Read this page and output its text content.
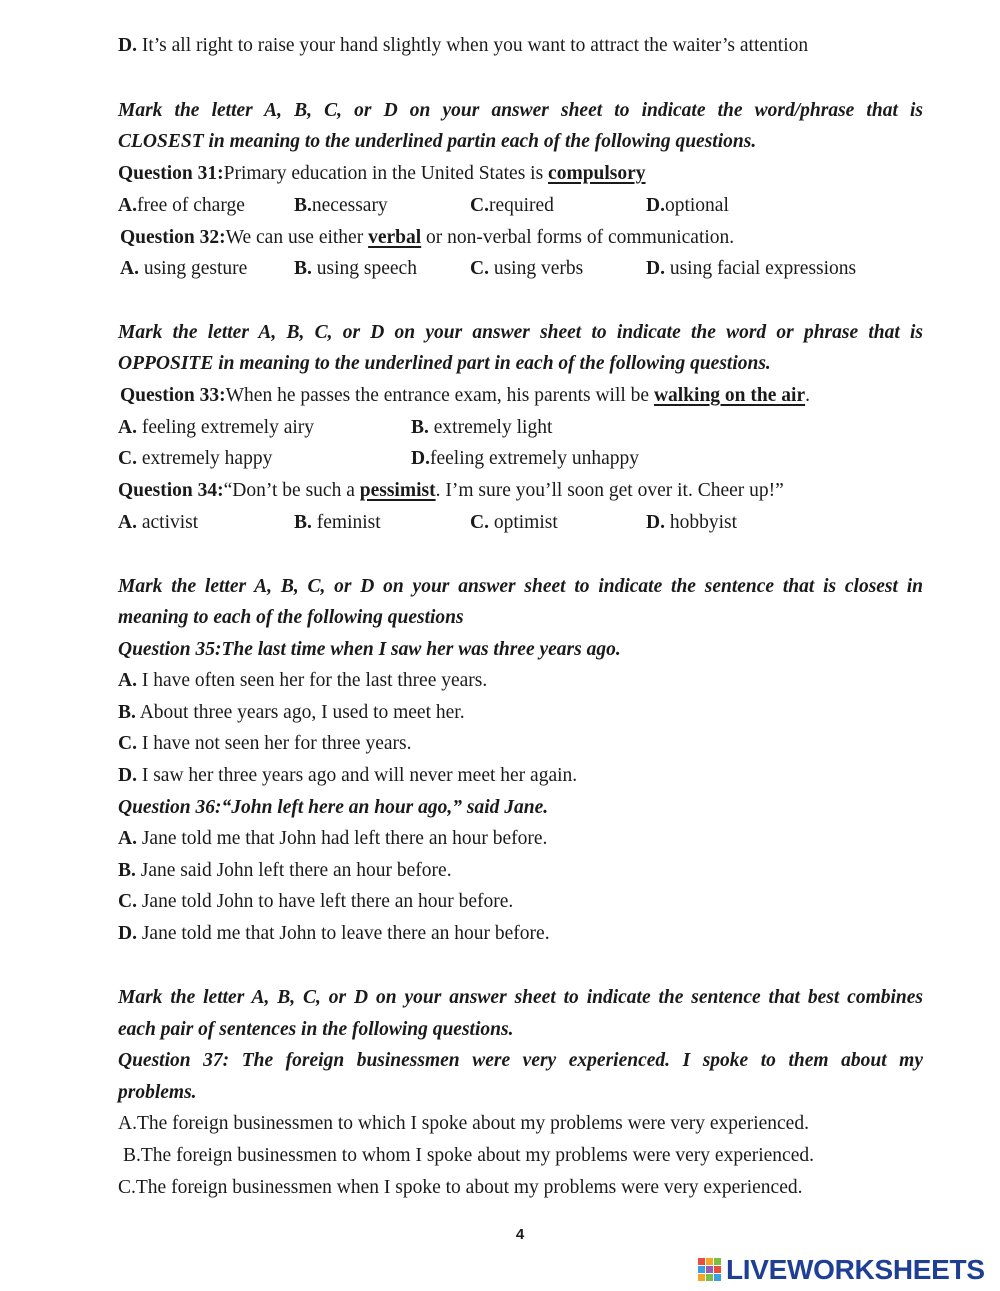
D. It’s all right to raise your hand slightly when you want to attract the waiter’s attention
Mark the letter A, B, C, or D on your answer sheet to indicate the word/phrase that is
CLOSEST in meaning to the underlined partin each of the following questions.
Question 31:Primary education in the United States is compulsory
A.free of charge	B.necessary	C.required	D.optional
Question 32:We can use either verbal or non-verbal forms of communication.
A. using gesture B. using speech	C. using verbs	D. using facial expressions
Mark the letter A, B, C, or D on your answer sheet to indicate the word or phrase that is
OPPOSITE in meaning to the underlined part in each of the following questions.
Question 33:When he passes the entrance exam, his parents will be walking on the air.
A. feeling extremely airy	B. extremely light
C. extremely happy	D.feeling extremely unhappy
Question 34:“Don’t be such a pessimist. I’m sure you’ll soon get over it. Cheer up!”
A. activist	B. feminist	C. optimist	D. hobbyist
Mark the letter A, B, C, or D on your answer sheet to indicate the sentence that is closest in
meaning to each of the following questions
Question 35:The last time when I saw her was three years ago.
A. I have often seen her for the last three years.
B. About three years ago, I used to meet her.
C. I have not seen her for three years.
D. I saw her three years ago and will never meet her again.
Question 36:“John left here an hour ago,” said Jane.
A. Jane told me that John had left there an hour before.
B. Jane said John left there an hour before.
C. Jane told John to have left there an hour before.
D. Jane told me that John to leave there an hour before.
Mark the letter A, B, C, or D on your answer sheet to indicate the sentence that best combines
each pair of sentences in the following questions.
Question 37: The foreign businessmen were very experienced. I spoke to them about my
problems.
A.The foreign businessmen to which I spoke about my problems were very experienced.
B.The foreign businessmen to whom I spoke about my problems were very experienced.
C.The foreign businessmen when I spoke to about my problems were very experienced.
4
LIVEWORKSHEETS
